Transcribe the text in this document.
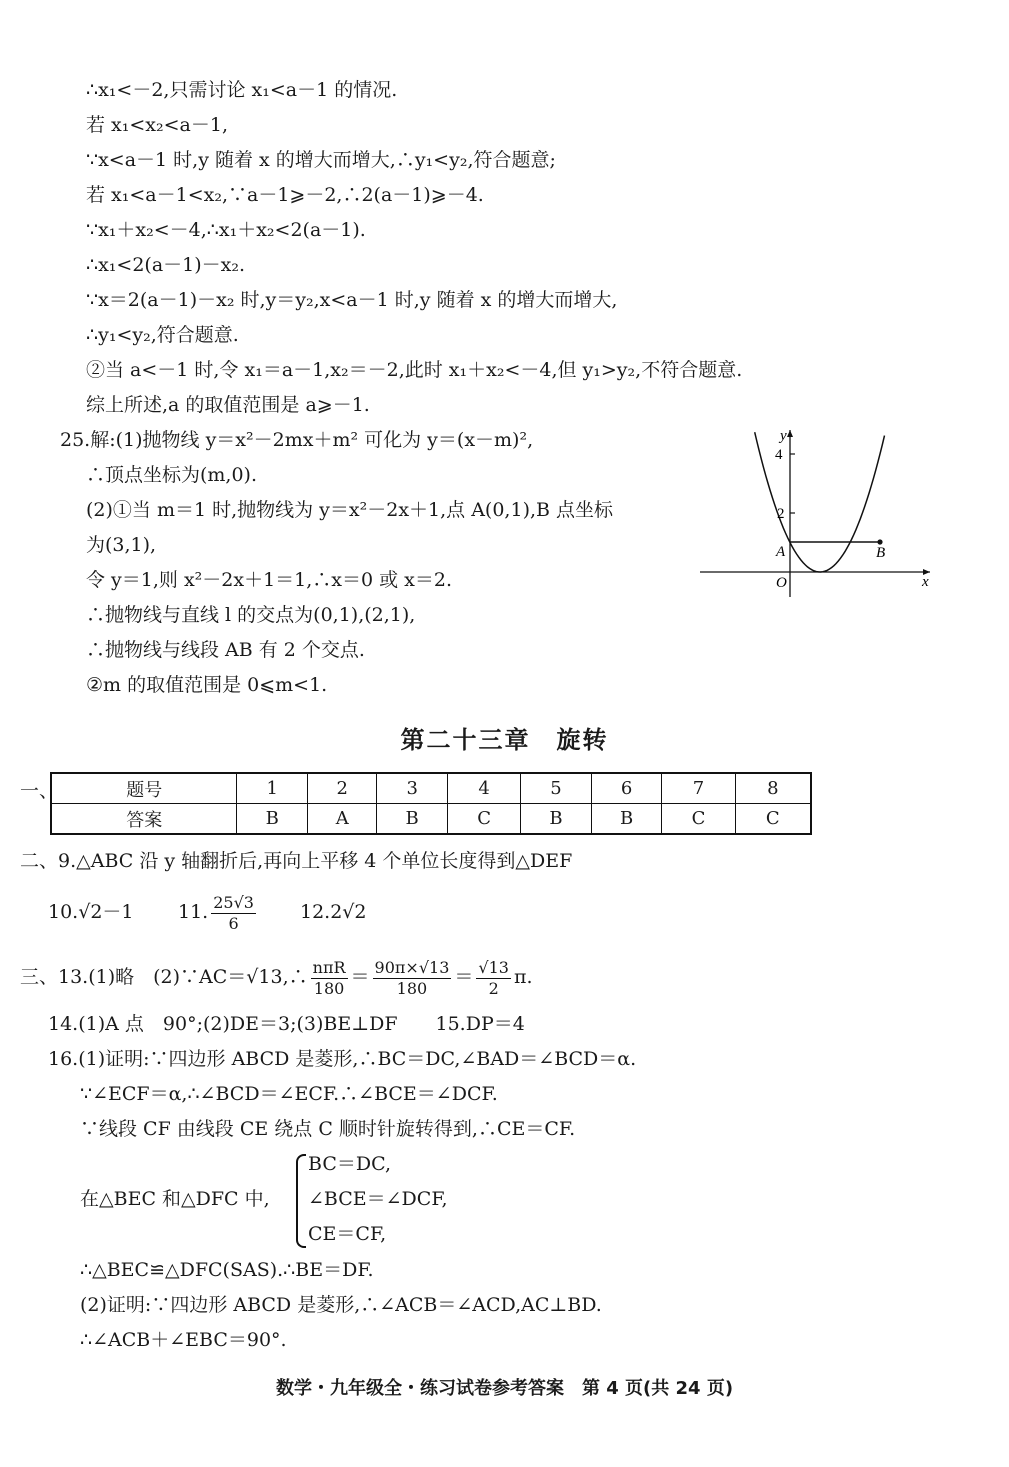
∴x₁<－2,只需讨论 x₁<a－1 的情况.
若 x₁<x₂<a－1,
∵x<a－1 时,y 随着 x 的增大而增大,∴y₁<y₂,符合题意;
若 x₁<a－1<x₂,∵a－1⩾－2,∴2(a－1)⩾－4.
∵x₁＋x₂<－4,∴x₁＋x₂<2(a－1).
∴x₁<2(a－1)－x₂.
∵x＝2(a－1)－x₂ 时,y＝y₂,x<a－1 时,y 随着 x 的增大而增大,
∴y₁<y₂,符合题意.
②当 a<－1 时,令 x₁＝a－1,x₂＝－2,此时 x₁＋x₂<－4,但 y₁>y₂,不符合题意.
综上所述,a 的取值范围是 a⩾－1.
25.解:(1)抛物线 y＝x²－2mx＋m² 可化为 y＝(x－m)²,
∴顶点坐标为(m,0).
(2)①当 m＝1 时,抛物线为 y＝x²－2x＋1,点 A(0,1),B 点坐标
为(3,1),
令 y＝1,则 x²－2x＋1＝1,∴x＝0 或 x＝2.
∴抛物线与直线 l 的交点为(0,1),(2,1),
∴抛物线与线段 AB 有 2 个交点.
②m 的取值范围是 0⩽m<1.
y
x
O
4
2
A	B
第二十三章　旋转
一、	题号	1	2	3	4	5	6	7	8
答案	B	A	B	C	B	B	C	C
二、9.△ABC 沿 y 轴翻折后,再向上平移 4 个单位长度得到△DEF
10.√2－1 11. $\frac{25√3}{6} 12.2√2$
三、13.(1)略　(2)∵AC＝√13,∴ $\frac{\text{nπR}}{180} = \frac{90\pi\times√13}{180} = \frac{√13}{2} \pi$.
14.(1)A 点　90°;(2)DE＝3;(3)BE⊥DF　　15.DP＝4
16.(1)证明:∵四边形 ABCD 是菱形,∴BC＝DC,∠BAD＝∠BCD＝α.
∵∠ECF＝α,∴∠BCD＝∠ECF.∴∠BCE＝∠DCF.
∵线段 CF 由线段 CE 绕点 C 顺时针旋转得到,∴CE＝CF.
在△BEC 和△DFC 中,
BC＝DC,
∠BCE＝∠DCF,
CE＝CF,
∴△BEC≌△DFC(SAS).∴BE＝DF.
(2)证明:∵四边形 ABCD 是菱形,∴∠ACB＝∠ACD,AC⊥BD.
∴∠ACB＋∠EBC＝90°.
数学・九年级全・练习试卷参考答案　第 4 页(共 24 页)
